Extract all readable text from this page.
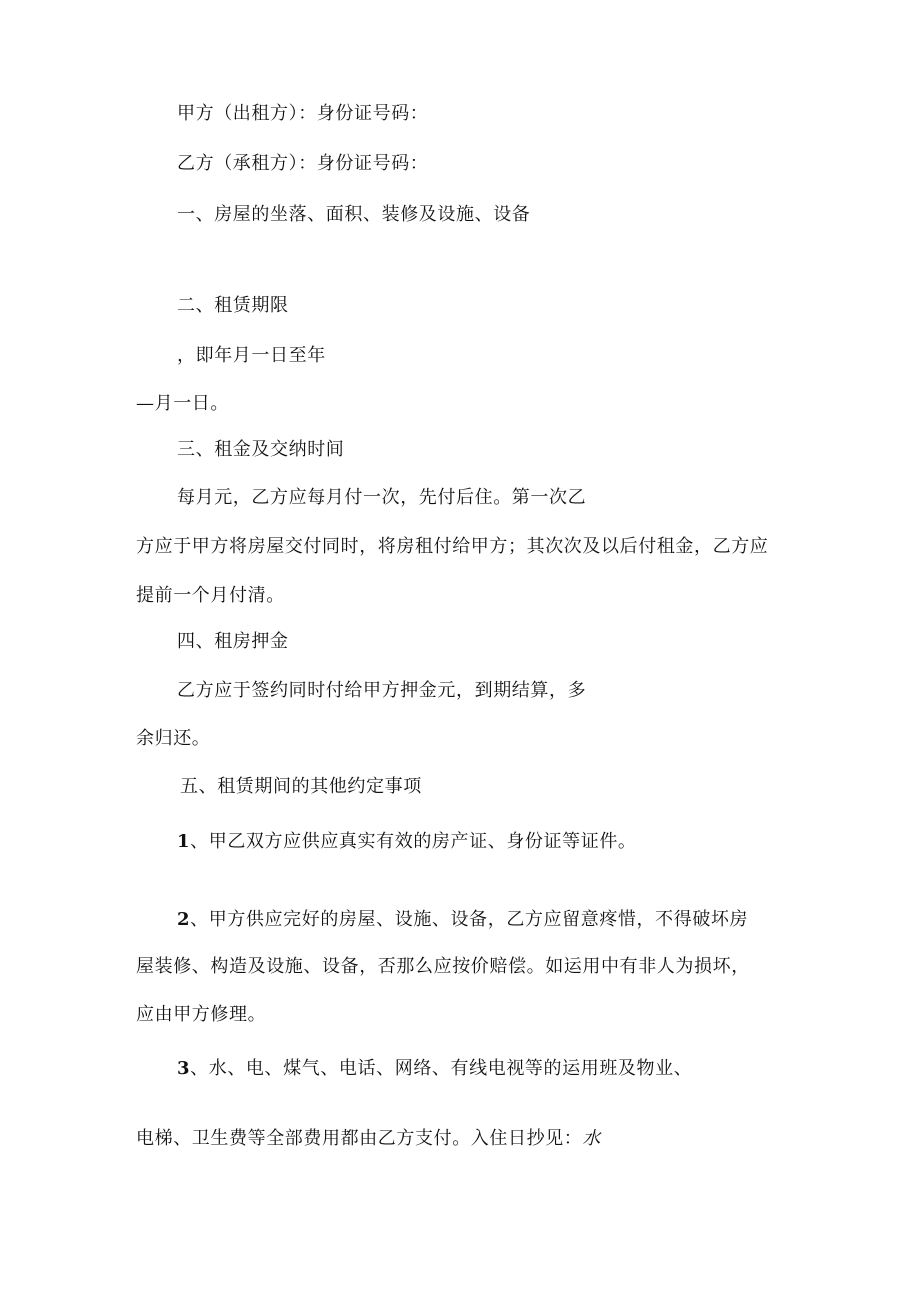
甲方（出租方）：身份证号码：
乙方（承租方）：身份证号码：
一、房屋的坐落、面积、装修及设施、设备
二、租赁期限
，即年月一日至年
—月一日。
三、租金及交纳时间
每月元，乙方应每月付一次，先付后住。第一次乙
方应于甲方将房屋交付同时，将房租付给甲方；其次次及以后付租金，乙方应
提前一个月付清。
四、租房押金
乙方应于签约同时付给甲方押金元，到期结算，多
余归还。
五、租赁期间的其他约定事项
1、甲乙双方应供应真实有效的房产证、身份证等证件。
2、甲方供应完好的房屋、设施、设备，乙方应留意疼惜，不得破坏房
屋装修、构造及设施、设备，否那么应按价赔偿。如运用中有非人为损坏，
应由甲方修理。
3、水、电、煤气、电话、网络、有线电视等的运用班及物业、
电梯、卫生费等全部费用都由乙方支付。入住日抄见：水
